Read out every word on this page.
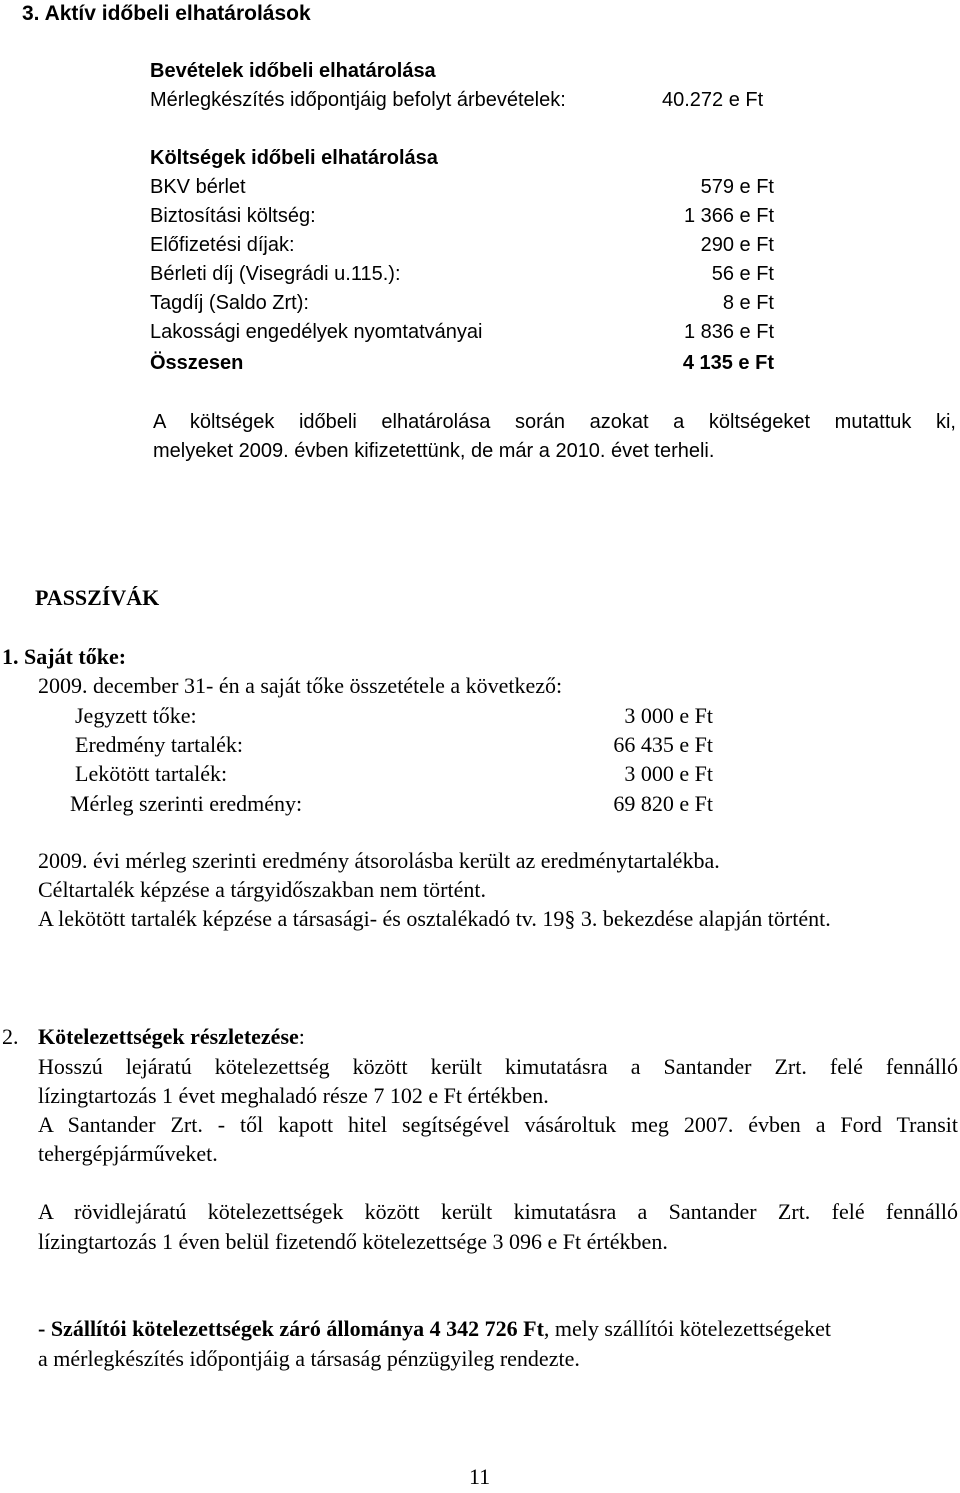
3. Aktív időbeli elhatárolások
Bevételek időbeli elhatárolása
Mérlegkészítés időpontjáig befolyt árbevételek:	40.272 e Ft
Költségek időbeli elhatárolása
BKV bérlet	579 e Ft
Biztosítási költség:	1 366 e Ft
Előfizetési díjak:	290 e Ft
Bérleti díj (Visegrádi u.115.):	56 e Ft
Tagdíj (Saldo Zrt):	8 e Ft
Lakossági engedélyek nyomtatványai	1 836 e Ft
Összesen	4 135 e Ft
A költségek időbeli elhatárolása során azokat a költségeket mutattuk ki,
melyeket 2009. évben kifizetettünk, de már a 2010. évet terheli.
PASSZÍVÁK
1. Saját tőke:
2009. december 31- én a saját tőke összetétele a következő:
Jegyzett tőke:	3 000 e Ft
Eredmény tartalék:	66 435 e Ft
Lekötött tartalék:	3 000 e Ft
Mérleg szerinti eredmény:	69 820 e Ft
2009. évi mérleg szerinti eredmény átsorolásba került az eredménytartalékba.
Céltartalék képzése a tárgyidőszakban nem történt.
A lekötött tartalék képzése a társasági- és osztalékadó tv. 19§ 3. bekezdése alapján történt.
2. Kötelezettségek részletezése:
Hosszú lejáratú kötelezettség között került kimutatásra a Santander Zrt. felé fennálló
lízingtartozás 1 évet meghaladó része 7 102 e Ft értékben.
A Santander Zrt. - től kapott hitel segítségével vásároltuk meg 2007. évben a Ford Transit
tehergépjárműveket.
A rövidlejáratú kötelezettségek között került kimutatásra a Santander Zrt. felé fennálló
lízingtartozás 1 éven belül fizetendő kötelezettsége 3 096 e Ft értékben.
- Szállítói kötelezettségek záró állománya 4 342 726 Ft, mely szállítói kötelezettségeket
a mérlegkészítés időpontjáig a társaság pénzügyileg rendezte.
11
